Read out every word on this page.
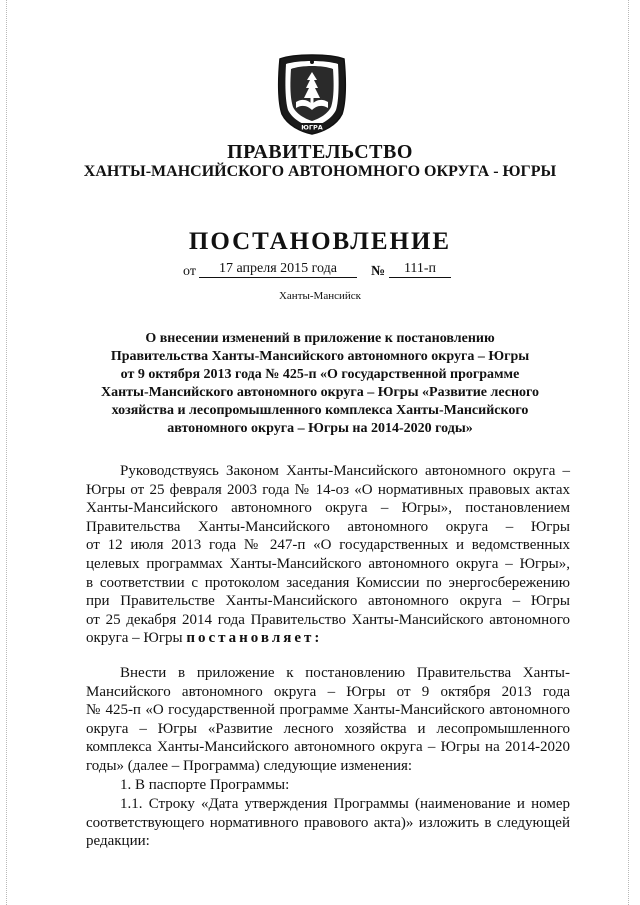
ЮГРА
ПРАВИТЕЛЬСТВО
ХАНТЫ-МАНСИЙСКОГО АВТОНОМНОГО ОКРУГА - ЮГРЫ
ПОСТАНОВЛЕНИЕ
от	17 апреля 2015 года	№	111-п
Ханты-Мансийск
О внесении изменений в приложение к постановлению
Правительства Ханты-Мансийского автономного округа – Югры
от 9 октября 2013 года № 425-п «О государственной программе
Ханты-Мансийского автономного округа – Югры «Развитие лесного
хозяйства и лесопромышленного комплекса Ханты-Мансийского
автономного округа – Югры на 2014-2020 годы»
Руководствуясь Законом Ханты-Мансийского автономного округа –
Югры от 25 февраля 2003 года № 14-оз «О нормативных правовых актах
Ханты-Мансийского автономного округа – Югры», постановлением
Правительства Ханты-Мансийского автономного округа – Югры
от 12 июля 2013 года № 247-п «О государственных и ведомственных
целевых программах Ханты-Мансийского автономного округа – Югры»,
в соответствии с протоколом заседания Комиссии по энергосбережению
при Правительстве Ханты-Мансийского автономного округа – Югры
от 25 декабря 2014 года Правительство Ханты-Мансийского автономного
округа – Югры постановляет:
Внести в приложение к постановлению Правительства Ханты-
Мансийского автономного округа – Югры от 9 октября 2013 года
№ 425-п «О государственной программе Ханты-Мансийского автономного
округа – Югры «Развитие лесного хозяйства и лесопромышленного
комплекса Ханты-Мансийского автономного округа – Югры на 2014-2020
годы» (далее – Программа) следующие изменения:
1. В паспорте Программы:
1.1. Строку «Дата утверждения Программы (наименование и номер
соответствующего нормативного правового акта)» изложить в следующей
редакции:
